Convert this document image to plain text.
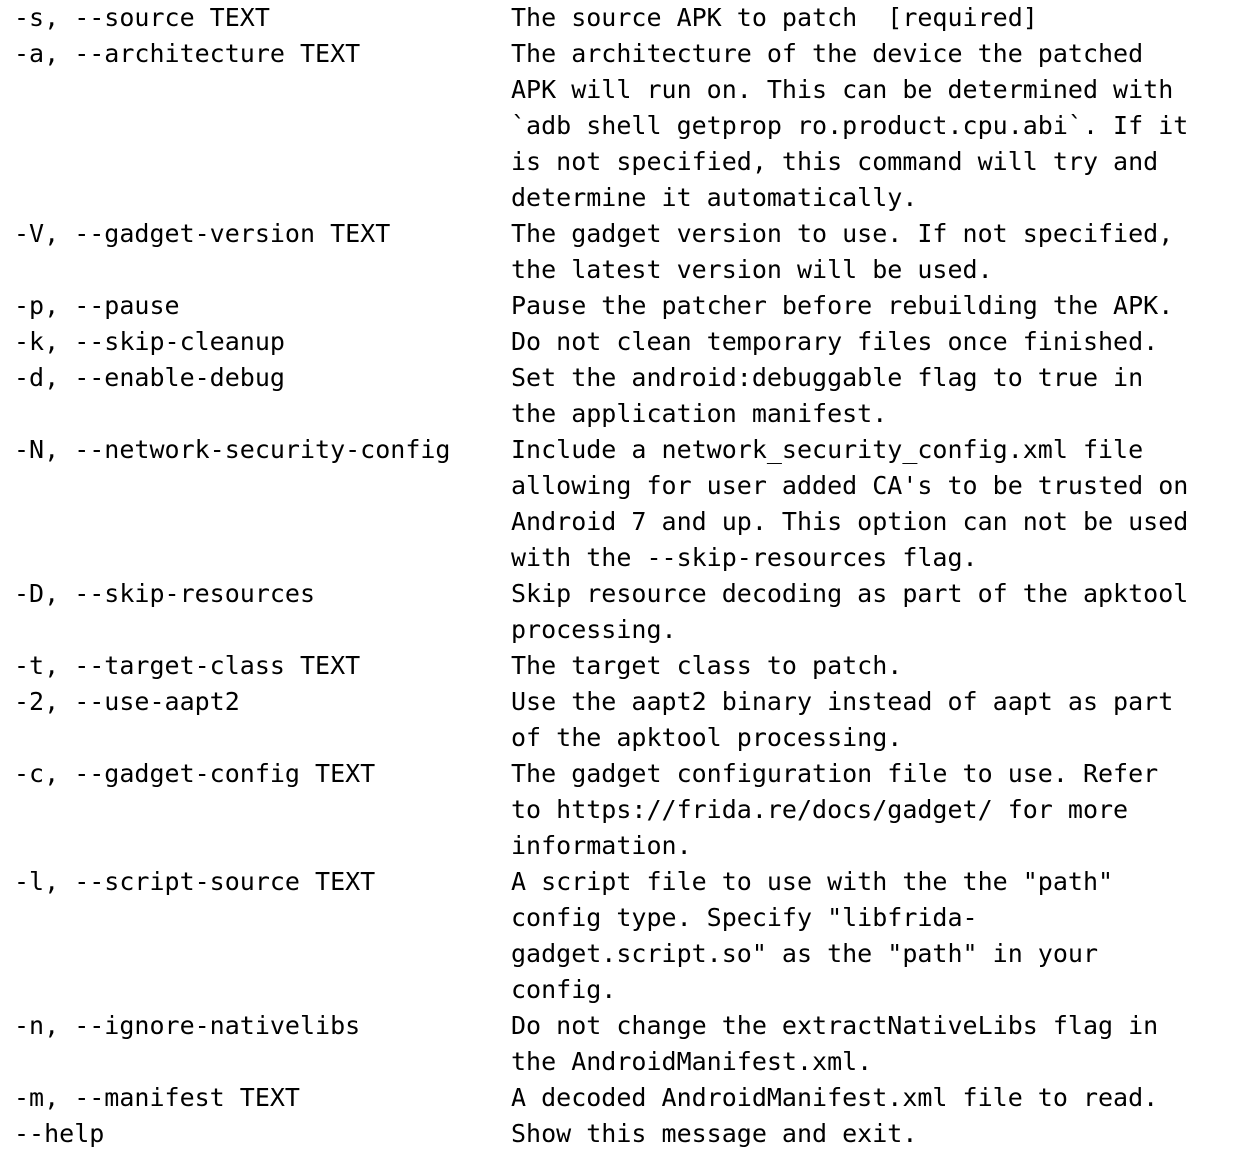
-s, --source TEXT	The source APK to patch  [required]
-a, --architecture TEXT	The architecture of the device the patched
APK will run on. This can be determined with
`adb shell getprop ro.product.cpu.abi`. If it
is not specified, this command will try and
determine it automatically.
-V, --gadget-version TEXT	The gadget version to use. If not specified,
the latest version will be used.
-p, --pause	Pause the patcher before rebuilding the APK.
-k, --skip-cleanup	Do not clean temporary files once finished.
-d, --enable-debug	Set the android:debuggable flag to true in
the application manifest.
-N, --network-security-config	Include a network_security_config.xml file
allowing for user added CA's to be trusted on
Android 7 and up. This option can not be used
with the --skip-resources flag.
-D, --skip-resources	Skip resource decoding as part of the apktool
processing.
-t, --target-class TEXT	The target class to patch.
-2, --use-aapt2	Use the aapt2 binary instead of aapt as part
of the apktool processing.
-c, --gadget-config TEXT	The gadget configuration file to use. Refer
to https://frida.re/docs/gadget/ for more
information.
-l, --script-source TEXT	A script file to use with the the "path"
config type. Specify "libfrida-
gadget.script.so" as the "path" in your
config.
-n, --ignore-nativelibs	Do not change the extractNativeLibs flag in
the AndroidManifest.xml.
-m, --manifest TEXT	A decoded AndroidManifest.xml file to read.
--help	Show this message and exit.
